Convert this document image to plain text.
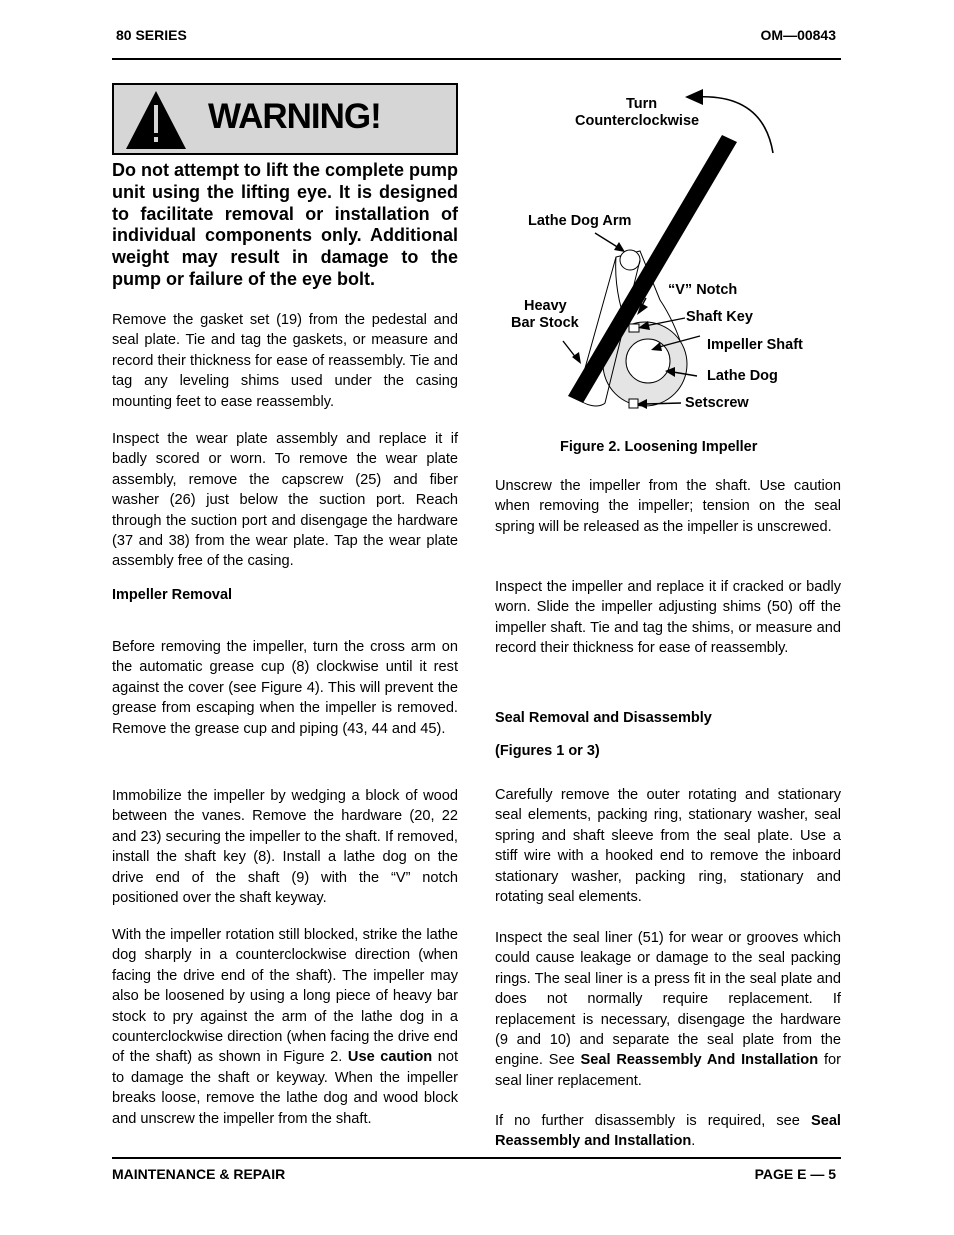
80 SERIES	OM—00843
WARNING!
Do not attempt to lift the complete pump unit using the lifting eye. It is designed to facilitate removal or installation of individual components only. Additional weight may result in damage to the pump or failure of the eye bolt.
Remove the gasket set (19) from the pedestal and seal plate. Tie and tag the gaskets, or measure and record their thickness for ease of reassembly. Tie and tag any leveling shims used under the casing mounting feet to ease reassembly.
Inspect the wear plate assembly and replace it if badly scored or worn. To remove the wear plate assembly, remove the capscrew (25) and fiber washer (26) just below the suction port. Reach through the suction port and disengage the hardware (37 and 38) from the wear plate. Tap the wear plate assembly free of the casing.
Impeller Removal
Before removing the impeller, turn the cross arm on the automatic grease cup (8) clockwise until it rest against the cover (see Figure 4). This will prevent the grease from escaping when the impeller is removed. Remove the grease cup and piping (43, 44 and 45).
Immobilize the impeller by wedging a block of wood between the vanes. Remove the hardware (20, 22 and 23) securing the impeller to the shaft. If removed, install the shaft key (8). Install a lathe dog on the drive end of the shaft (9) with the “V” notch positioned over the shaft keyway.
With the impeller rotation still blocked, strike the lathe dog sharply in a counterclockwise direction (when facing the drive end of the shaft). The impeller may also be loosened by using a long piece of heavy bar stock to pry against the arm of the lathe dog in a counterclockwise direction (when facing the drive end of the shaft) as shown in Figure 2. Use caution not to damage the shaft or keyway. When the impeller breaks loose, remove the lathe dog and wood block and unscrew the impeller from the shaft.
Turn
Counterclockwise
Lathe Dog Arm
“V” Notch
Heavy
Bar Stock	Shaft Key
Impeller Shaft
Lathe Dog
Setscrew
Figure 2. Loosening Impeller
Unscrew the impeller from the shaft. Use caution when removing the impeller; tension on the seal spring will be released as the impeller is unscrewed.
Inspect the impeller and replace it if cracked or badly worn. Slide the impeller adjusting shims (50) off the impeller shaft. Tie and tag the shims, or measure and record their thickness for ease of reassembly.
Seal Removal and Disassembly
(Figures 1 or 3)
Carefully remove the outer rotating and stationary seal elements, packing ring, stationary washer, seal spring and shaft sleeve from the seal plate. Use a stiff wire with a hooked end to remove the inboard stationary washer, packing ring, stationary and rotating seal elements.
Inspect the seal liner (51) for wear or grooves which could cause leakage or damage to the seal packing rings. The seal liner is a press fit in the seal plate and does not normally require replacement. If replacement is necessary, disengage the hardware (9 and 10) and separate the seal plate from the engine. See Seal Reassembly And Installation for seal liner replacement.
If no further disassembly is required, see Seal Reassembly and Installation.
MAINTENANCE & REPAIR	PAGE E — 5
